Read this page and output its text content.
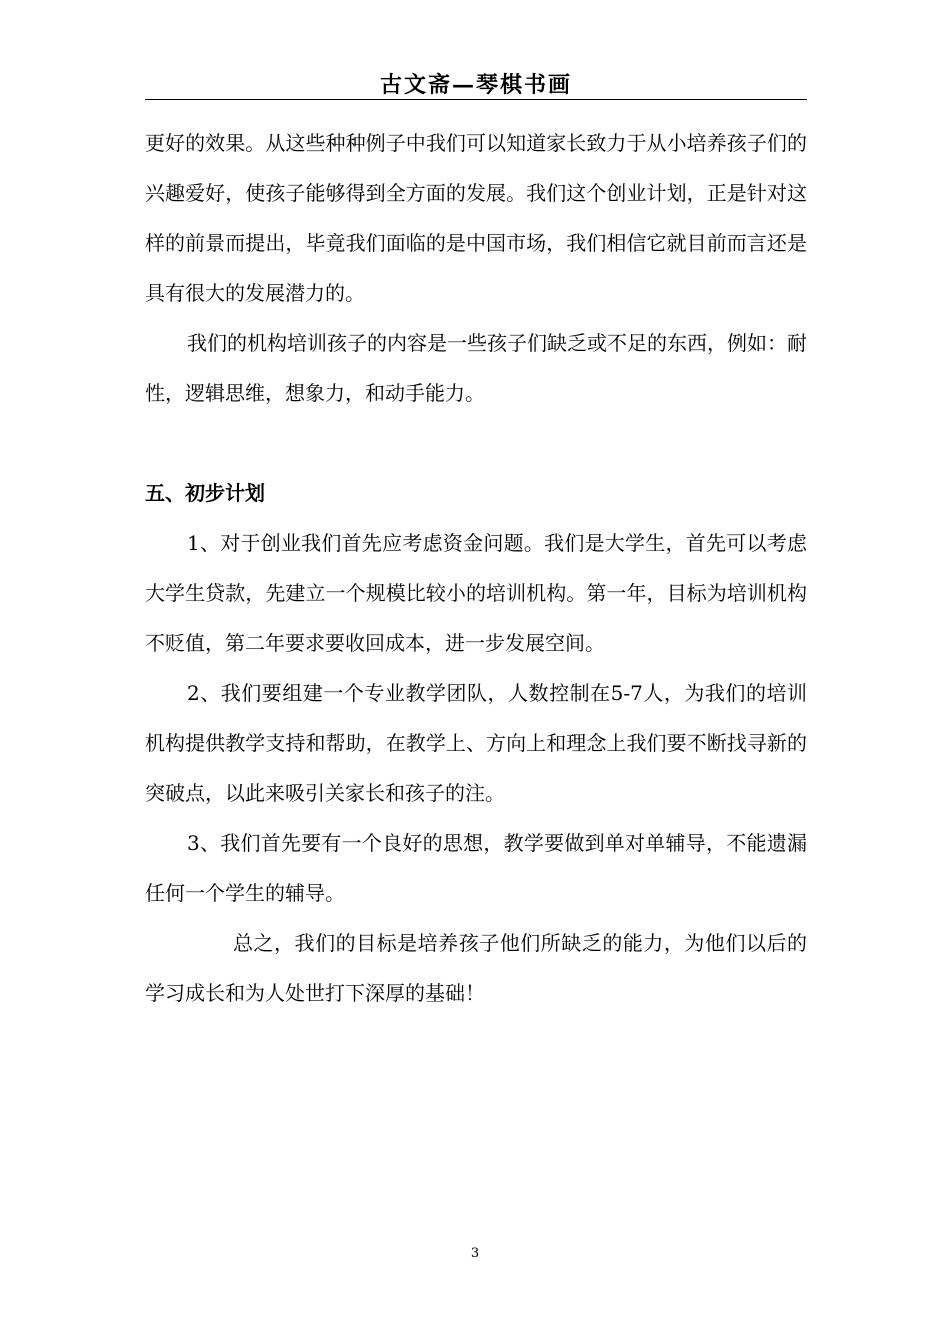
古文斋—琴棋书画

更好的效果。从这些种种例子中我们可以知道家长致力于从小培养孩子们的兴趣爱好，使孩子能够得到全方面的发展。我们这个创业计划，正是针对这样的前景而提出，毕竟我们面临的是中国市场，我们相信它就目前而言还是具有很大的发展潜力的。

我们的机构培训孩子的内容是一些孩子们缺乏或不足的东西，例如：耐性，逻辑思维，想象力，和动手能力。

五、初步计划

1、对于创业我们首先应考虑资金问题。我们是大学生，首先可以考虑大学生贷款，先建立一个规模比较小的培训机构。第一年，目标为培训机构不贬值，第二年要求要收回成本，进一步发展空间。

2、我们要组建一个专业教学团队，人数控制在5-7人，为我们的培训机构提供教学支持和帮助，在教学上、方向上和理念上我们要不断找寻新的突破点，以此来吸引关家长和孩子的注。

3、我们首先要有一个良好的思想，教学要做到单对单辅导，不能遗漏任何一个学生的辅导。

总之，我们的目标是培养孩子他们所缺乏的能力，为他们以后的学习成长和为人处世打下深厚的基础！

3
